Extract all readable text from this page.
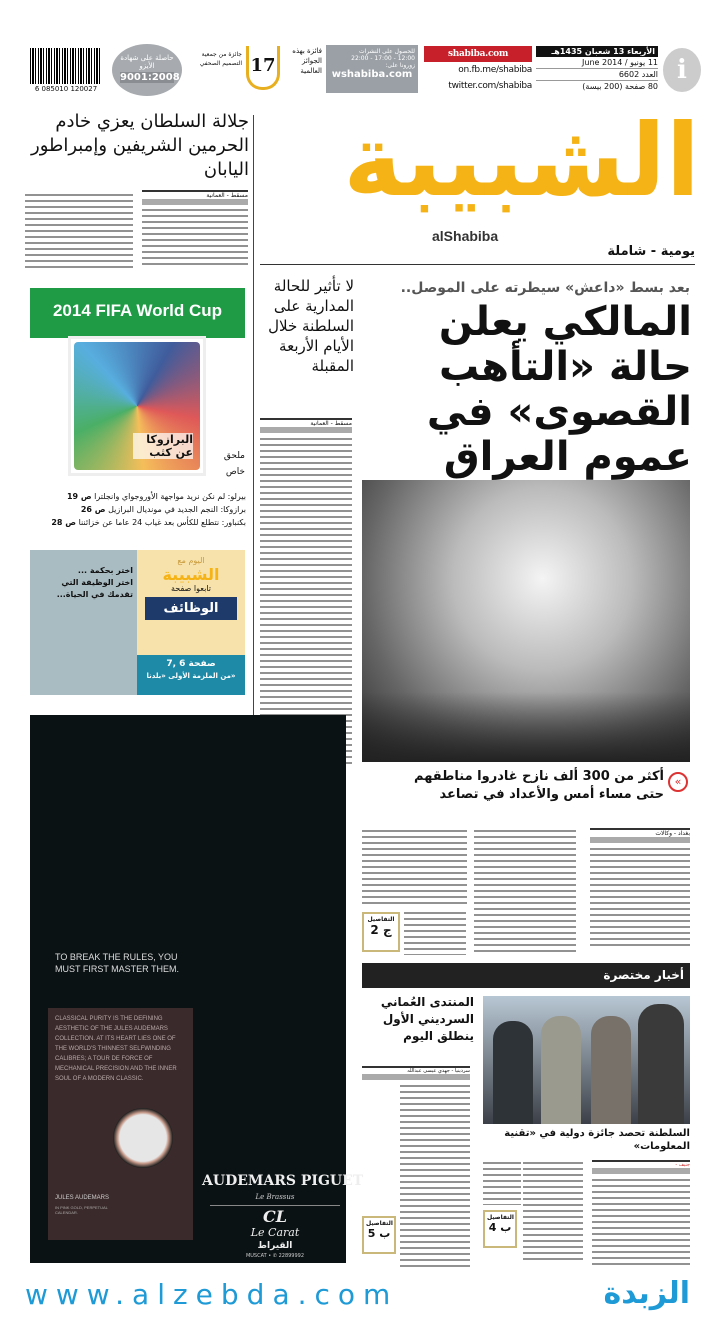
i
الأربعاء 13 شعبان 1435هـ
11 يونيو / June 2014
العدد 6602
80 صفحة (200 بيسة)
shabiba.com
on.fb.me/shabiba
twitter.com/shabiba
للحصول على النشرات
12:00 - 17:00 - 22:00
زورونا على:
wshabiba.com
فائزة بهذه الجوائز العالمية
17
جائزة من جمعية التصميم الصحفي
حاصلة على شهادة الأيزو
9001:2008
6 085010 120027
الشبيبة
alShabiba
يومية - شاملة
جلالة السلطان يعزي خادم الحرمين الشريفين وإمبراطور اليابان
مسقط - العمانية
بعد بسط «داعش» سيطرته على الموصل..
المالكي يعلن حالة «التأهب القصوى» في عموم العراق
«
أكثر من 300 ألف نازح غادروا مناطقهم حتى مساء أمس والأعداد في تصاعد
بغداد - وكالات
التفاصيل
ج 2
لا تأثير للحالة المدارية على السلطنة خلال الأيام الأربعة المقبلة
مسقط - العمانية
2014 FIFA World Cup
البرازوكا عن كثب	ملحق خاص
بيرلو: لم نكن نريد مواجهة الأوروجواي وانجلترا ص 19
برازوكا: النجم الجديد في مونديال البرازيل ص 26
بكنباور: نتطلع للكأس بعد غياب 24 عاما عن خزائننا ص 28
اختر بحكمة ...
اختر الوظيفة التي تقدمك في الحياة...
اليوم مع
الشبيبة
تابعوا صفحة
الوظائف
صفحة 6 ,7
من الملزمة الأولى «بلدنا»
TO BREAK THE RULES, YOU MUST FIRST MASTER THEM.
CLASSICAL PURITY IS THE DEFINING AESTHETIC OF THE JULES AUDEMARS COLLECTION. AT ITS HEART LIES ONE OF THE WORLD'S THINNEST SELFWINDING CALIBRES; A TOUR DE FORCE OF MECHANICAL PRECISION AND THE INNER SOUL OF A MODERN CLASSIC.
JULES AUDEMARS
IN PINK GOLD, PERPETUAL CALENDAR.
AUDEMARS PIGUET
Le Brassus
CL
Le Carat
القيراط
MUSCAT • ✆ 22899992
أخبار مختصرة
المنتدى العُماني السرديني الأول ينطلق اليوم
سردينيا - جهدي عيسى عبدالله
التفاصيل
ب 5
السلطنة تحصد جائزة دولية في «تقنية المعلومات»
جنيف -
التفاصيل
ب 4
www.alzebda.com	الزبدة
